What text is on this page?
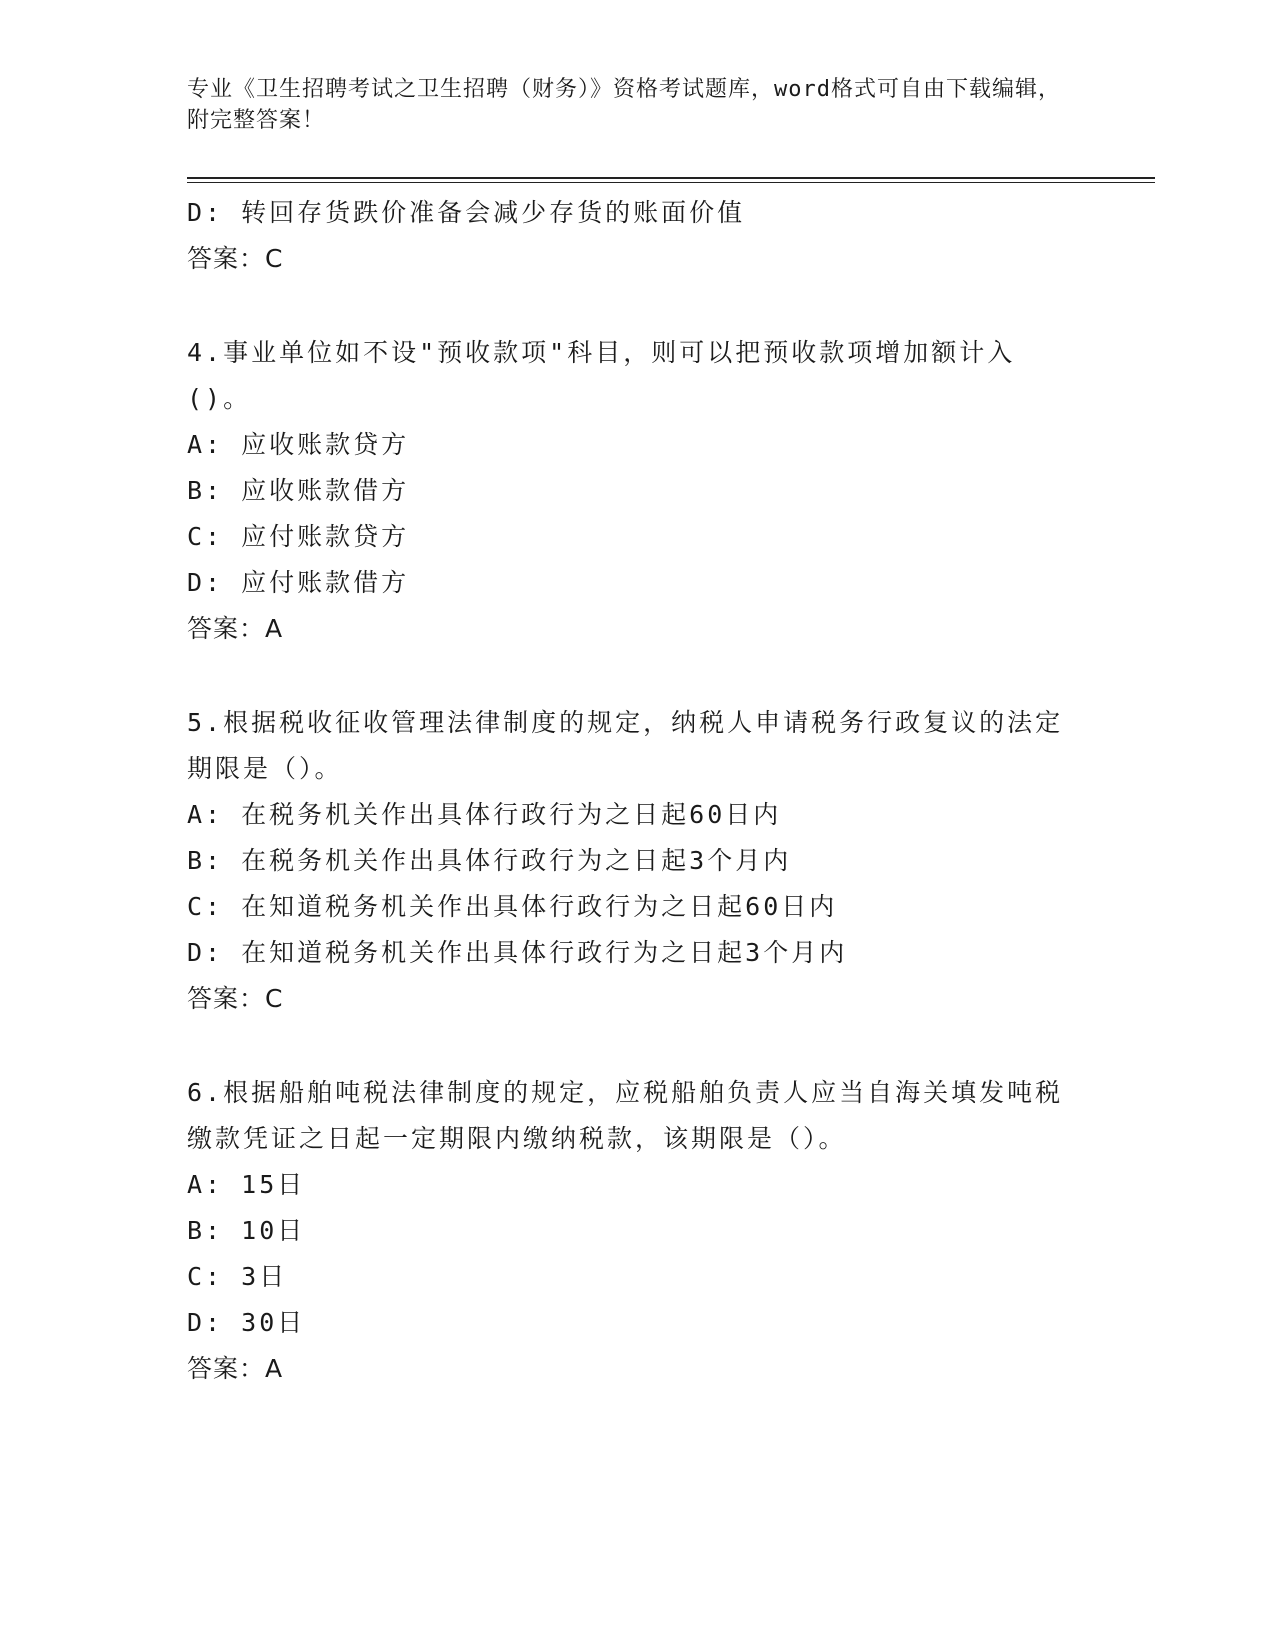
专业《卫生招聘考试之卫生招聘（财务）》资格考试题库，word格式可自由下载编辑，附完整答案！
D: 转回存货跌价准备会减少存货的账面价值
答案：C
4.事业单位如不设"预收款项"科目，则可以把预收款项增加额计入()。
A: 应收账款贷方
B: 应收账款借方
C: 应付账款贷方
D: 应付账款借方
答案：A
5.根据税收征收管理法律制度的规定，纳税人申请税务行政复议的法定期限是（）。
A: 在税务机关作出具体行政行为之日起60日内
B: 在税务机关作出具体行政行为之日起3个月内
C: 在知道税务机关作出具体行政行为之日起60日内
D: 在知道税务机关作出具体行政行为之日起3个月内
答案：C
6.根据船舶吨税法律制度的规定，应税船舶负责人应当自海关填发吨税缴款凭证之日起一定期限内缴纳税款，该期限是（）。
A: 15日
B: 10日
C: 3日
D: 30日
答案：A
